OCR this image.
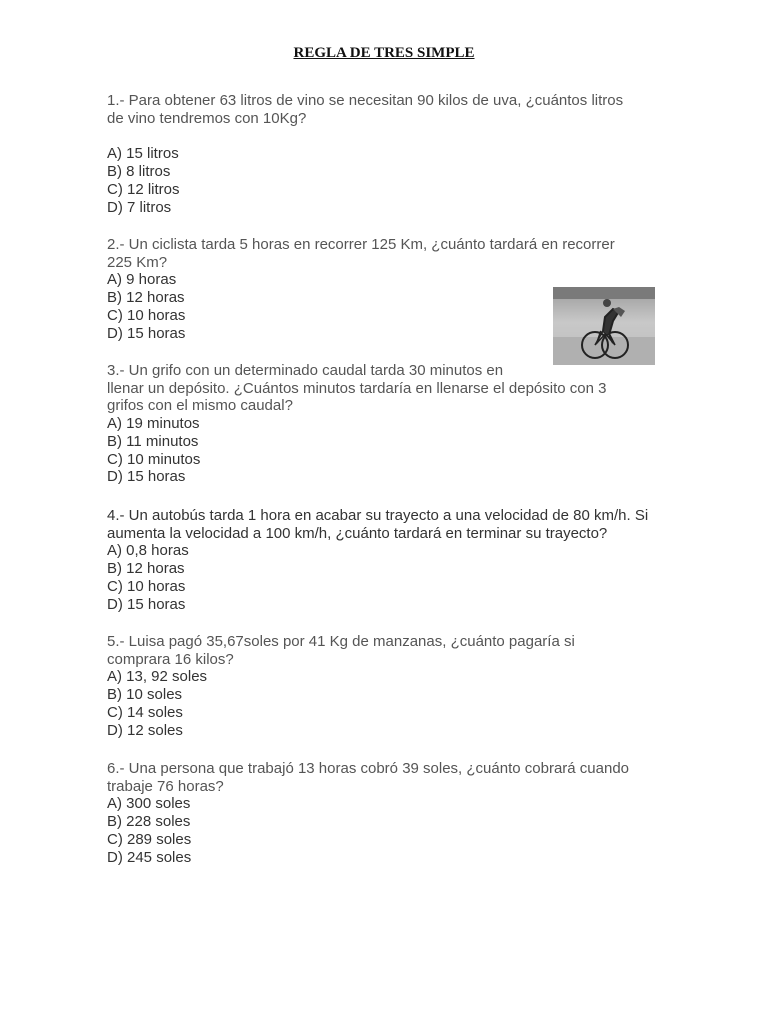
REGLA DE TRES SIMPLE
1.- Para obtener 63 litros de vino se necesitan 90 kilos de uva, ¿cuántos litros
de vino tendremos con 10Kg?
A) 15 litros
B) 8 litros
C) 12 litros
D) 7 litros
2.- Un ciclista tarda 5 horas en recorrer 125 Km, ¿cuánto tardará en recorrer
225 Km?
A) 9 horas
B) 12 horas
C) 10 horas
D) 15 horas
3.- Un grifo con un determinado caudal tarda 30 minutos en
llenar un depósito. ¿Cuántos minutos tardaría en llenarse el depósito con 3
grifos con el mismo caudal?
A) 19 minutos
B) 11 minutos
C) 10 minutos
D) 15 horas
4.- Un autobús tarda 1 hora en acabar su trayecto a una velocidad de 80 km/h. Si
aumenta la velocidad a 100 km/h, ¿cuánto tardará en terminar su trayecto?
A) 0,8 horas
B) 12 horas
C) 10 horas
D) 15 horas
5.- Luisa pagó 35,67soles por 41 Kg de manzanas, ¿cuánto pagaría si
comprara 16 kilos?
A) 13, 92 soles
B) 10 soles
C) 14 soles
D) 12 soles
6.- Una persona que trabajó 13 horas cobró 39 soles, ¿cuánto cobrará cuando
trabaje 76 horas?
A) 300 soles
B) 228 soles
C) 289 soles
D) 245 soles
